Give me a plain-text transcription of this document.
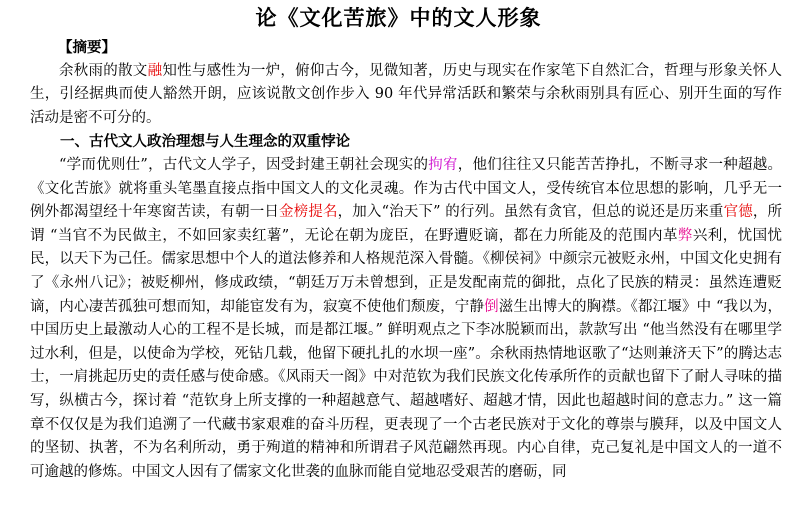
论《文化苦旅》中的文人形象

【摘要】

余秋雨的散文融知性与感性为一炉，俯仰古今，见微知著，历史与现实在作家笔下自然汇合，哲理与形象关怀人生，引经据典而使人豁然开朗，应该说散文创作步入 90 年代异常活跃和繁荣与余秋雨别具有匠心、别开生面的写作活动是密不可分的。

一、古代文人政治理想与人生理念的双重悖论

“学而优则仕”，古代文人学子，因受封建王朝社会现实的拘宥，他们往往又只能苦苦挣扎，不断寻求一种超越。《文化苦旅》就将重头笔墨直接点指中国文人的文化灵魂。作为古代中国文人，受传统官本位思想的影响，几乎无一例外都渴望经十年寒窗苦读，有朝一日金榜提名，加入“治天下” 的行列。虽然有贪官，但总的说还是历来重官德，所谓 “当官不为民做主，不如回家卖红薯”，无论在朝为庞臣，在野遭贬谪，都在力所能及的范围内革弊兴利，忧国忧民，以天下为己任。儒家思想中个人的道法修养和人格规范深入骨髓。《柳侯祠》中颜宗元被贬永州，中国文化史拥有了《永州八记》；被贬柳州，修成政绩，“朝廷万万未曾想到，正是发配南荒的御批，点化了民族的精灵：虽然连遭贬谪，内心凄苦孤独可想而知，却能宦发有为，寂寞不使他们颓废，宁静倒滋生出博大的胸襟。《都江堰》中 “我以为，中国历史上最激动人心的工程不是长城，而是都江堰。” 鲜明观点之下李冰脱颖而出，款款写出 “他当然没有在哪里学过水利，但是，以使命为学校，死钻几载，他留下硬扎扎的水坝一座”。余秋雨热情地讴歌了“达则兼济天下”的腾达志士，一肩挑起历史的责任感与使命感。《风雨天一阁》中对范钦为我们民族文化传承所作的贡献也留下了耐人寻味的描写，纵横古今，探讨着 “范钦身上所支撑的一种超越意气、超越嗜好、超越才情，因此也超越时间的意志力。” 这一篇章不仅仅是为我们追溯了一代藏书家艰难的奋斗历程，更表现了一个古老民族对于文化的尊崇与膜拜，以及中国文人的坚韧、执著，不为名利所动，勇于殉道的精神和所谓君子风范翩然再现。内心自律，克己复礼是中国文人的一道不可逾越的修炼。中国文人因有了儒家文化世袭的血脉而能自觉地忍受艰苦的磨砺，同
